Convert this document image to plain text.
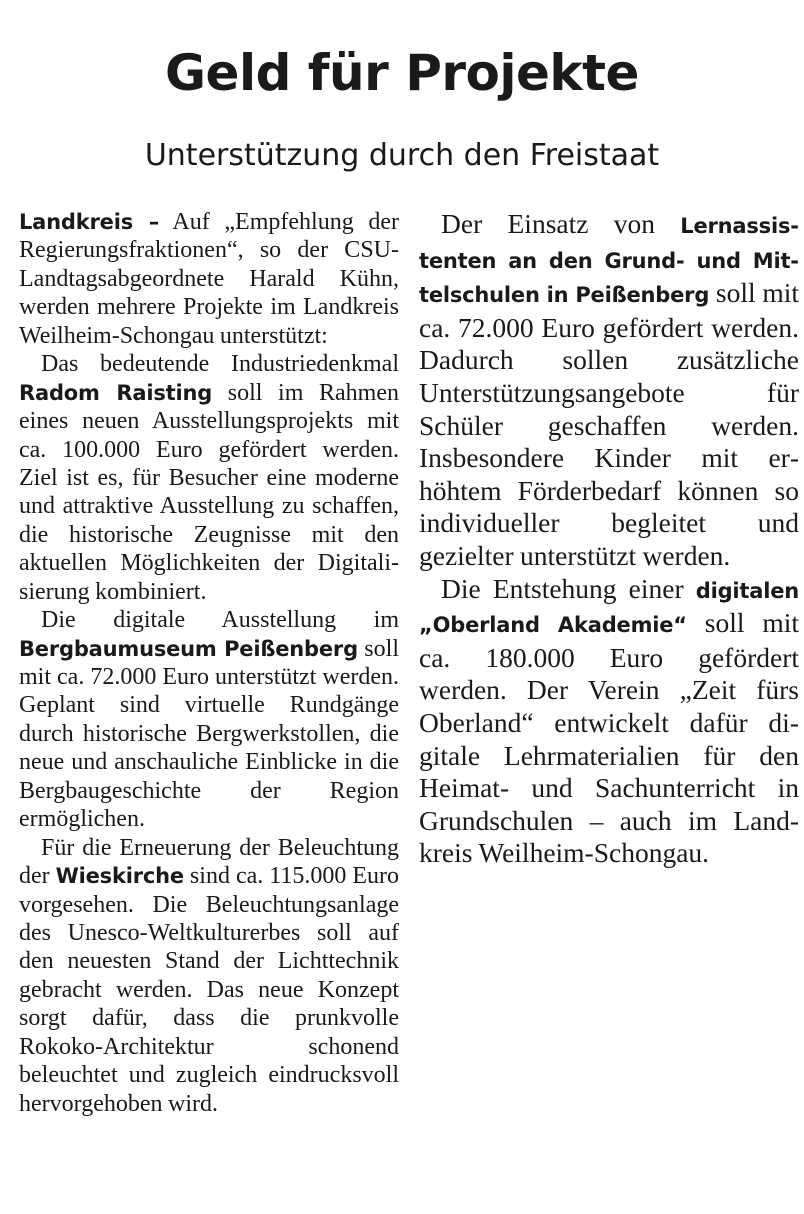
Geld für Projekte
Unterstützung durch den Freistaat

Landkreis – Auf „Empfehlung der Regierungsfraktionen“, so der CSU-Landtagsabgeordnete Harald Kühn, werden mehrere Projekte im Landkreis Weilheim-Schongau unterstützt:

Das bedeutende Industriedenkmal Radom Raisting soll im Rahmen eines neuen Ausstellungsprojekts mit ca. 100.000 Euro gefördert werden. Ziel ist es, für Besucher eine moderne und attraktive Ausstellung zu schaffen, die historische Zeugnisse mit den aktuellen Möglichkeiten der Digitalisierung kombiniert.

Die digitale Ausstellung im Bergbaumuseum Peißenberg soll mit ca. 72.000 Euro unterstützt werden. Geplant sind virtuelle Rundgänge durch historische Bergwerkstollen, die neue und anschauliche Einblicke in die Bergbaugeschichte der Region ermöglichen.

Für die Erneuerung der Beleuchtung der Wieskirche sind ca. 115.000 Euro vorgesehen. Die Beleuchtungsanlage des Unesco-Weltkulturerbes soll auf den neuesten Stand der Lichttechnik gebracht werden. Das neue Konzept sorgt dafür, dass die prunkvolle Rokoko-Architektur schonend beleuchtet und zugleich eindrucksvoll hervorgehoben wird.

Der Einsatz von Lernassistenten an den Grund- und Mittelschulen in Peißenberg soll mit ca. 72.000 Euro gefördert werden. Dadurch sollen zusätzliche Unterstützungsangebote für Schüler geschaffen werden. Insbesondere Kinder mit erhöhtem Förderbedarf können so individueller begleitet und gezielter unterstützt werden.

Die Entstehung einer digitalen „Oberland Akademie“ soll mit ca. 180.000 Euro gefördert werden. Der Verein „Zeit fürs Oberland“ entwickelt dafür digitale Lehrmaterialien für den Heimat- und Sachunterricht in Grundschulen – auch im Landkreis Weilheim-Schongau.
